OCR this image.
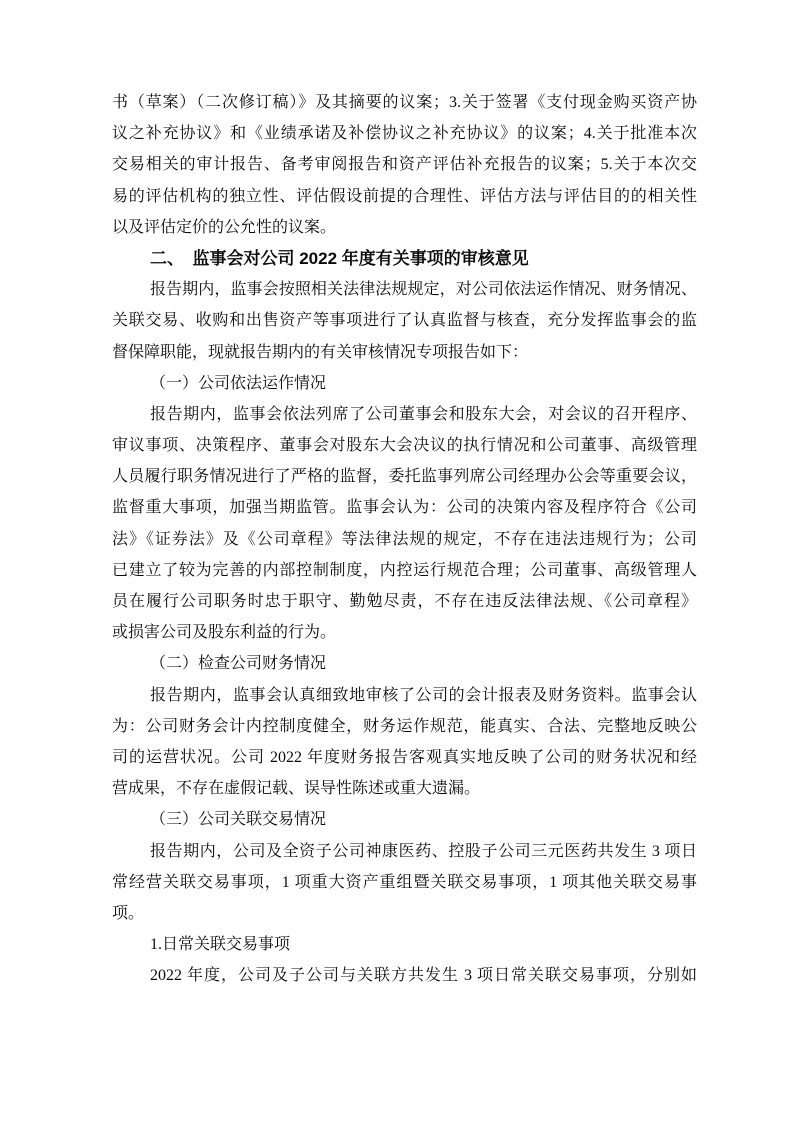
书（草案）（二次修订稿）》及其摘要的议案；3.关于签署《支付现金购买资产协
议之补充协议》和《业绩承诺及补偿协议之补充协议》的议案；4.关于批准本次
交易相关的审计报告、备考审阅报告和资产评估补充报告的议案；5.关于本次交
易的评估机构的独立性、评估假设前提的合理性、评估方法与评估目的的相关性
以及评估定价的公允性的议案。
二、　监事会对公司 2022 年度有关事项的审核意见
报告期内，监事会按照相关法律法规规定，对公司依法运作情况、财务情况、
关联交易、收购和出售资产等事项进行了认真监督与核查，充分发挥监事会的监
督保障职能，现就报告期内的有关审核情况专项报告如下：
（一）公司依法运作情况
报告期内，监事会依法列席了公司董事会和股东大会，对会议的召开程序、
审议事项、决策程序、董事会对股东大会决议的执行情况和公司董事、高级管理
人员履行职务情况进行了严格的监督，委托监事列席公司经理办公会等重要会议，
监督重大事项，加强当期监管。监事会认为：公司的决策内容及程序符合《公司
法》《证券法》及《公司章程》等法律法规的规定，不存在违法违规行为；公司
已建立了较为完善的内部控制制度，内控运行规范合理；公司董事、高级管理人
员在履行公司职务时忠于职守、勤勉尽责，不存在违反法律法规、《公司章程》
或损害公司及股东利益的行为。
（二）检查公司财务情况
报告期内，监事会认真细致地审核了公司的会计报表及财务资料。监事会认
为：公司财务会计内控制度健全，财务运作规范，能真实、合法、完整地反映公
司的运营状况。公司 2022 年度财务报告客观真实地反映了公司的财务状况和经
营成果，不存在虚假记载、误导性陈述或重大遗漏。
（三）公司关联交易情况
报告期内，公司及全资子公司神康医药、控股子公司三元医药共发生 3 项日
常经营关联交易事项，1 项重大资产重组暨关联交易事项，1 项其他关联交易事
项。
1.日常关联交易事项
2022 年度，公司及子公司与关联方共发生 3 项日常关联交易事项，分别如
